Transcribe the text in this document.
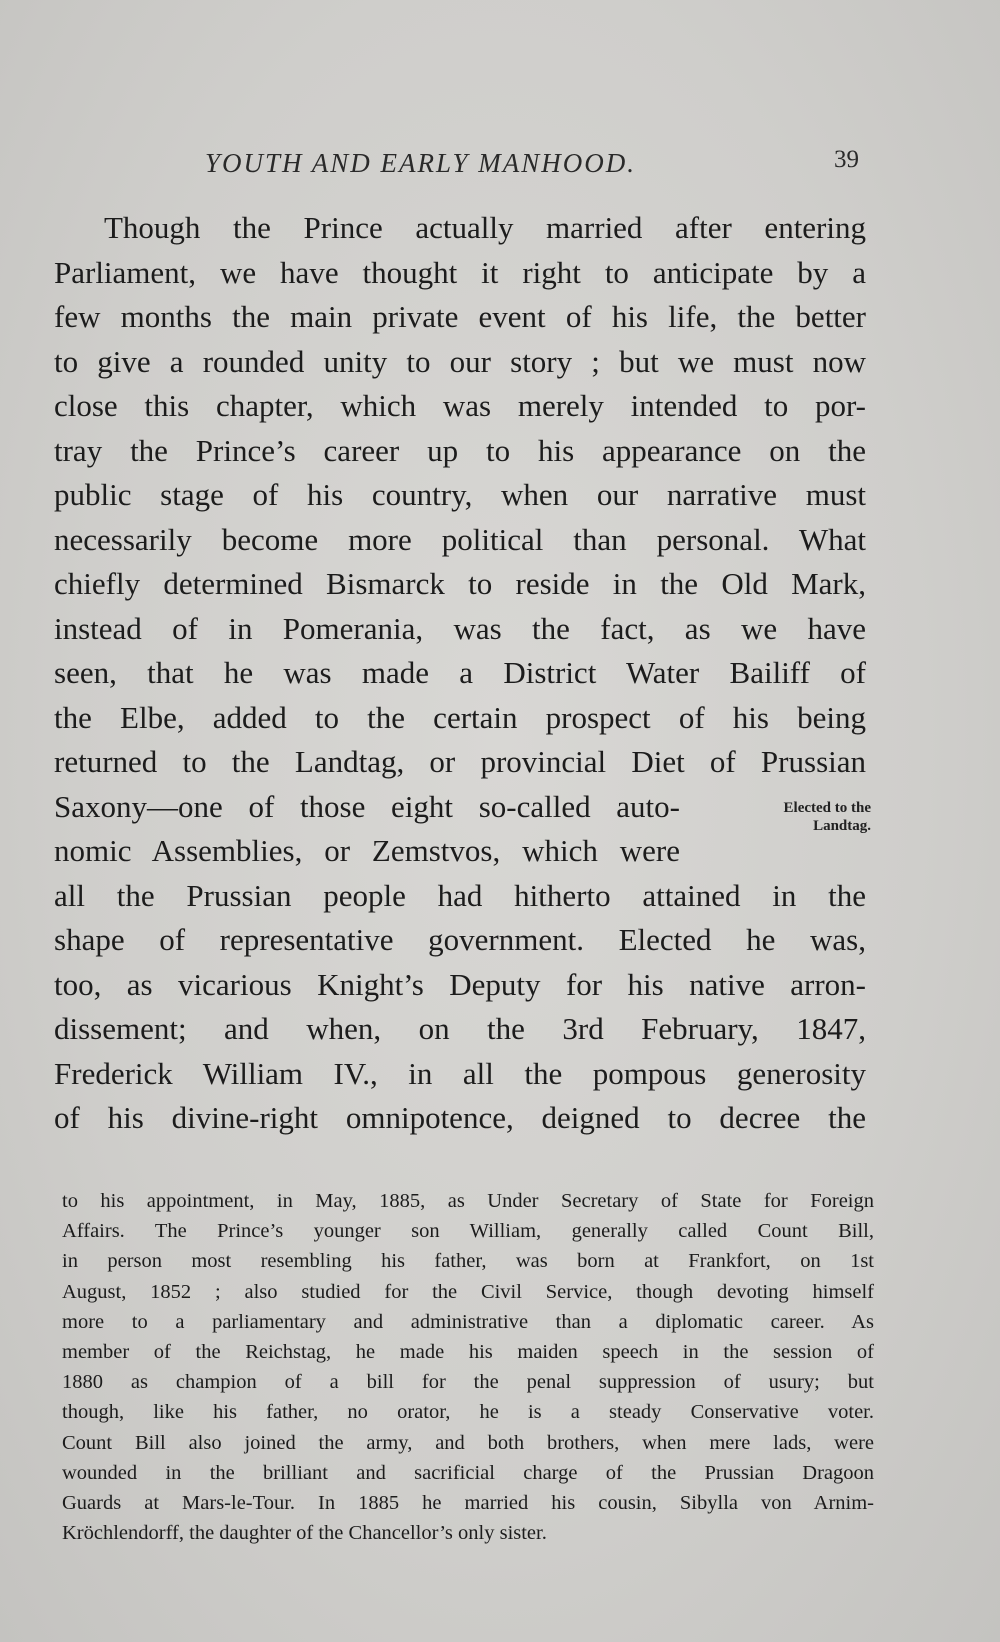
YOUTH AND EARLY MANHOOD.	39
Though the Prince actually married after entering
Parliament, we have thought it right to anticipate by a
few months the main private event of his life, the better
to give a rounded unity to our story ; but we must now
close this chapter, which was merely intended to por-
tray the Prince’s career up to his appearance on the
public stage of his country, when our narrative must
necessarily become more political than personal. What
chiefly determined Bismarck to reside in the Old Mark,
instead of in Pomerania, was the fact, as we have
seen, that he was made a District Water Bailiff of
the Elbe, added to the certain prospect of his being
returned to the Landtag, or provincial Diet of Prussian
Saxony—one of those eight so-called auto-
nomic Assemblies, or Zemstvos, which were
all the Prussian people had hitherto attained in the
shape of representative government. Elected he was,
too, as vicarious Knight’s Deputy for his native arron-
dissement; and when, on the 3rd February, 1847,
Frederick William IV., in all the pompous generosity
of his divine-right omnipotence, deigned to decree the
Elected to the
Landtag.
to his appointment, in May, 1885, as Under Secretary of State for Foreign
Affairs. The Prince’s younger son William, generally called Count Bill,
in person most resembling his father, was born at Frankfort, on 1st
August, 1852 ; also studied for the Civil Service, though devoting himself
more to a parliamentary and administrative than a diplomatic career. As
member of the Reichstag, he made his maiden speech in the session of
1880 as champion of a bill for the penal suppression of usury; but
though, like his father, no orator, he is a steady Conservative voter.
Count Bill also joined the army, and both brothers, when mere lads, were
wounded in the brilliant and sacrificial charge of the Prussian Dragoon
Guards at Mars-le-Tour. In 1885 he married his cousin, Sibylla von Arnim-
Kröchlendorff, the daughter of the Chancellor’s only sister.
